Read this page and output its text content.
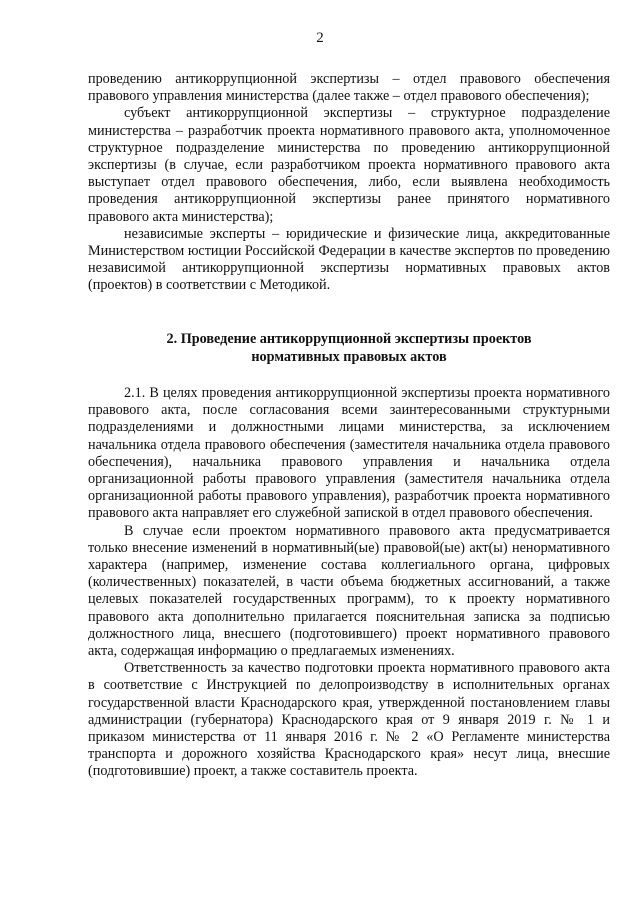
2

проведению антикоррупционной экспертизы – отдел правового обеспечения правового управления министерства (далее также – отдел правового обеспечения);

субъект антикоррупционной экспертизы – структурное подразделение министерства – разработчик проекта нормативного правового акта, уполномоченное структурное подразделение министерства по проведению антикоррупционной экспертизы (в случае, если разработчиком проекта нормативного правового акта выступает отдел правового обеспечения, либо, если выявлена необходимость проведения антикоррупционной экспертизы ранее принятого нормативного правового акта министерства);

независимые эксперты – юридические и физические лица, аккредитованные Министерством юстиции Российской Федерации в качестве экспертов по проведению независимой антикоррупционной экспертизы нормативных правовых актов (проектов) в соответствии с Методикой.

2. Проведение антикоррупционной экспертизы проектов
нормативных правовых актов

2.1. В целях проведения антикоррупционной экспертизы проекта нормативного правового акта, после согласования всеми заинтересованными структурными подразделениями и должностными лицами министерства, за исключением начальника отдела правового обеспечения (заместителя начальника отдела правового обеспечения), начальника правового управления и начальника отдела организационной работы правового управления (заместителя начальника отдела организационной работы правового управления), разработчик проекта нормативного правового акта направляет его служебной запиской в отдел правового обеспечения.

В случае если проектом нормативного правового акта предусматривается только внесение изменений в нормативный(ые) правовой(ые) акт(ы) ненормативного характера (например, изменение состава коллегиального органа, цифровых (количественных) показателей, в части объема бюджетных ассигнований, а также целевых показателей государственных программ), то к проекту нормативного правового акта дополнительно прилагается пояснительная записка за подписью должностного лица, внесшего (подготовившего) проект нормативного правового акта, содержащая информацию о предлагаемых изменениях.

Ответственность за качество подготовки проекта нормативного правового акта в соответствие с Инструкцией по делопроизводству в исполнительных органах государственной власти Краснодарского края, утвержденной постановлением главы администрации (губернатора) Краснодарского края от 9 января 2019 г. № 1 и приказом министерства от 11 января 2016 г. № 2 «О Регламенте министерства транспорта и дорожного хозяйства Краснодарского края» несут лица, внесшие (подготовившие) проект, а также составитель проекта.
